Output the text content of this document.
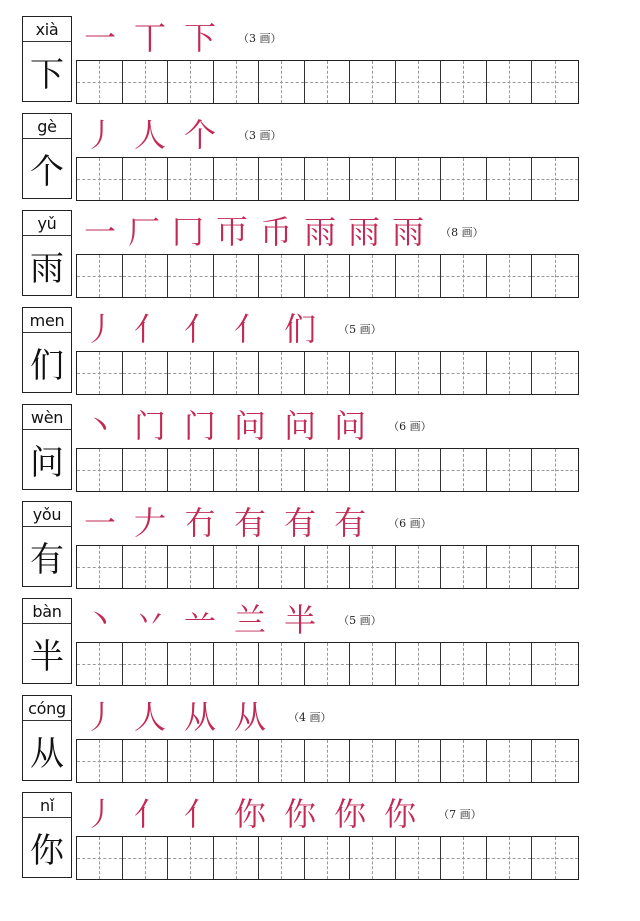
xià
下
一 丅 下 （3 画）
gè
个
丿 人 个 （3 画）
yǔ
雨
一 厂 冂 帀 币 雨 雨 雨 （8 画）
men
们
丿 亻 亻 亻 们 （5 画）
wèn
问
丶 门 门 问 问 问 （6 画）
yǒu
有
一 𠂇 冇 有 有 有 （6 画）
bàn
半
丶 丷 䒑 兰 半 （5 画）
cóng
从
丿 人 从 从 （4 画）
nǐ
你
丿 亻 亻 你 你 你 你 （7 画）
